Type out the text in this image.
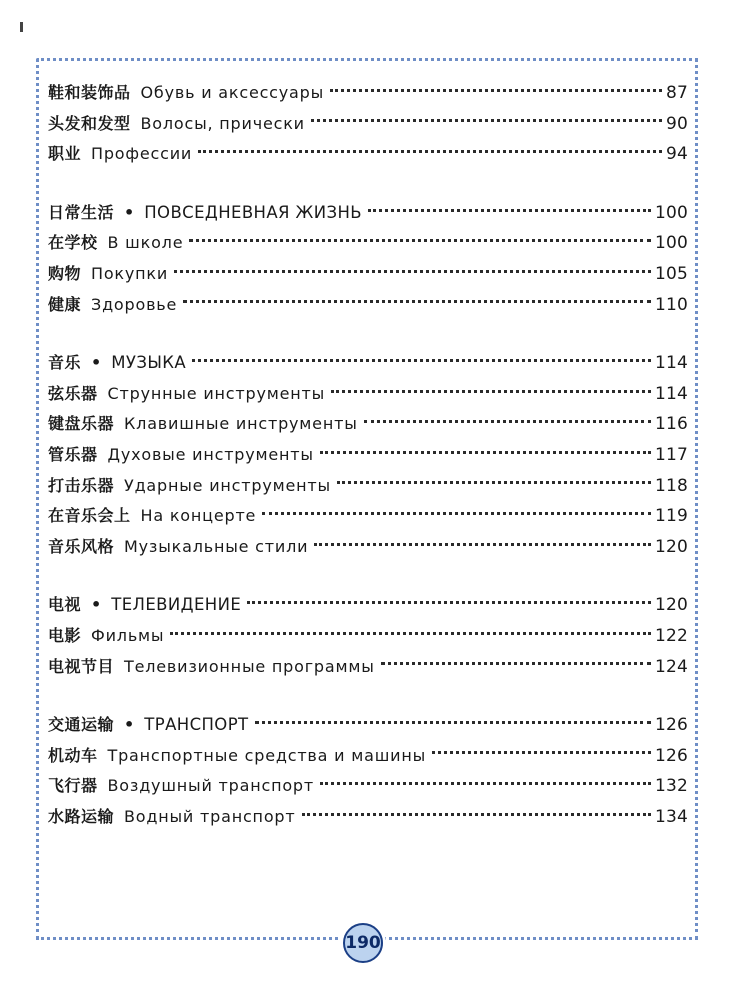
鞋和装饰品 Обувь и аксессуары	87
头发和发型 Волосы, прически	90
职业 Профессии	94
日常生活 • ПОВСЕДНЕВНАЯ ЖИЗНЬ	100
在学校 В школе	100
购物 Покупки	105
健康 Здоровье	110
音乐 • МУЗЫКА	114
弦乐器 Струнные инструменты	114
键盘乐器 Клавишные инструменты	116
管乐器 Духовые инструменты	117
打击乐器 Ударные инструменты	118
在音乐会上 На концерте	119
音乐风格 Музыкальные стили	120
电视 • ТЕЛЕВИДЕНИЕ	120
电影 Фильмы	122
电视节目 Телевизионные программы	124
交通运输 • ТРАНСПОРТ	126
机动车 Транспортные средства и машины	126
飞行器 Воздушный транспорт	132
水路运输 Водный транспорт	134
190
